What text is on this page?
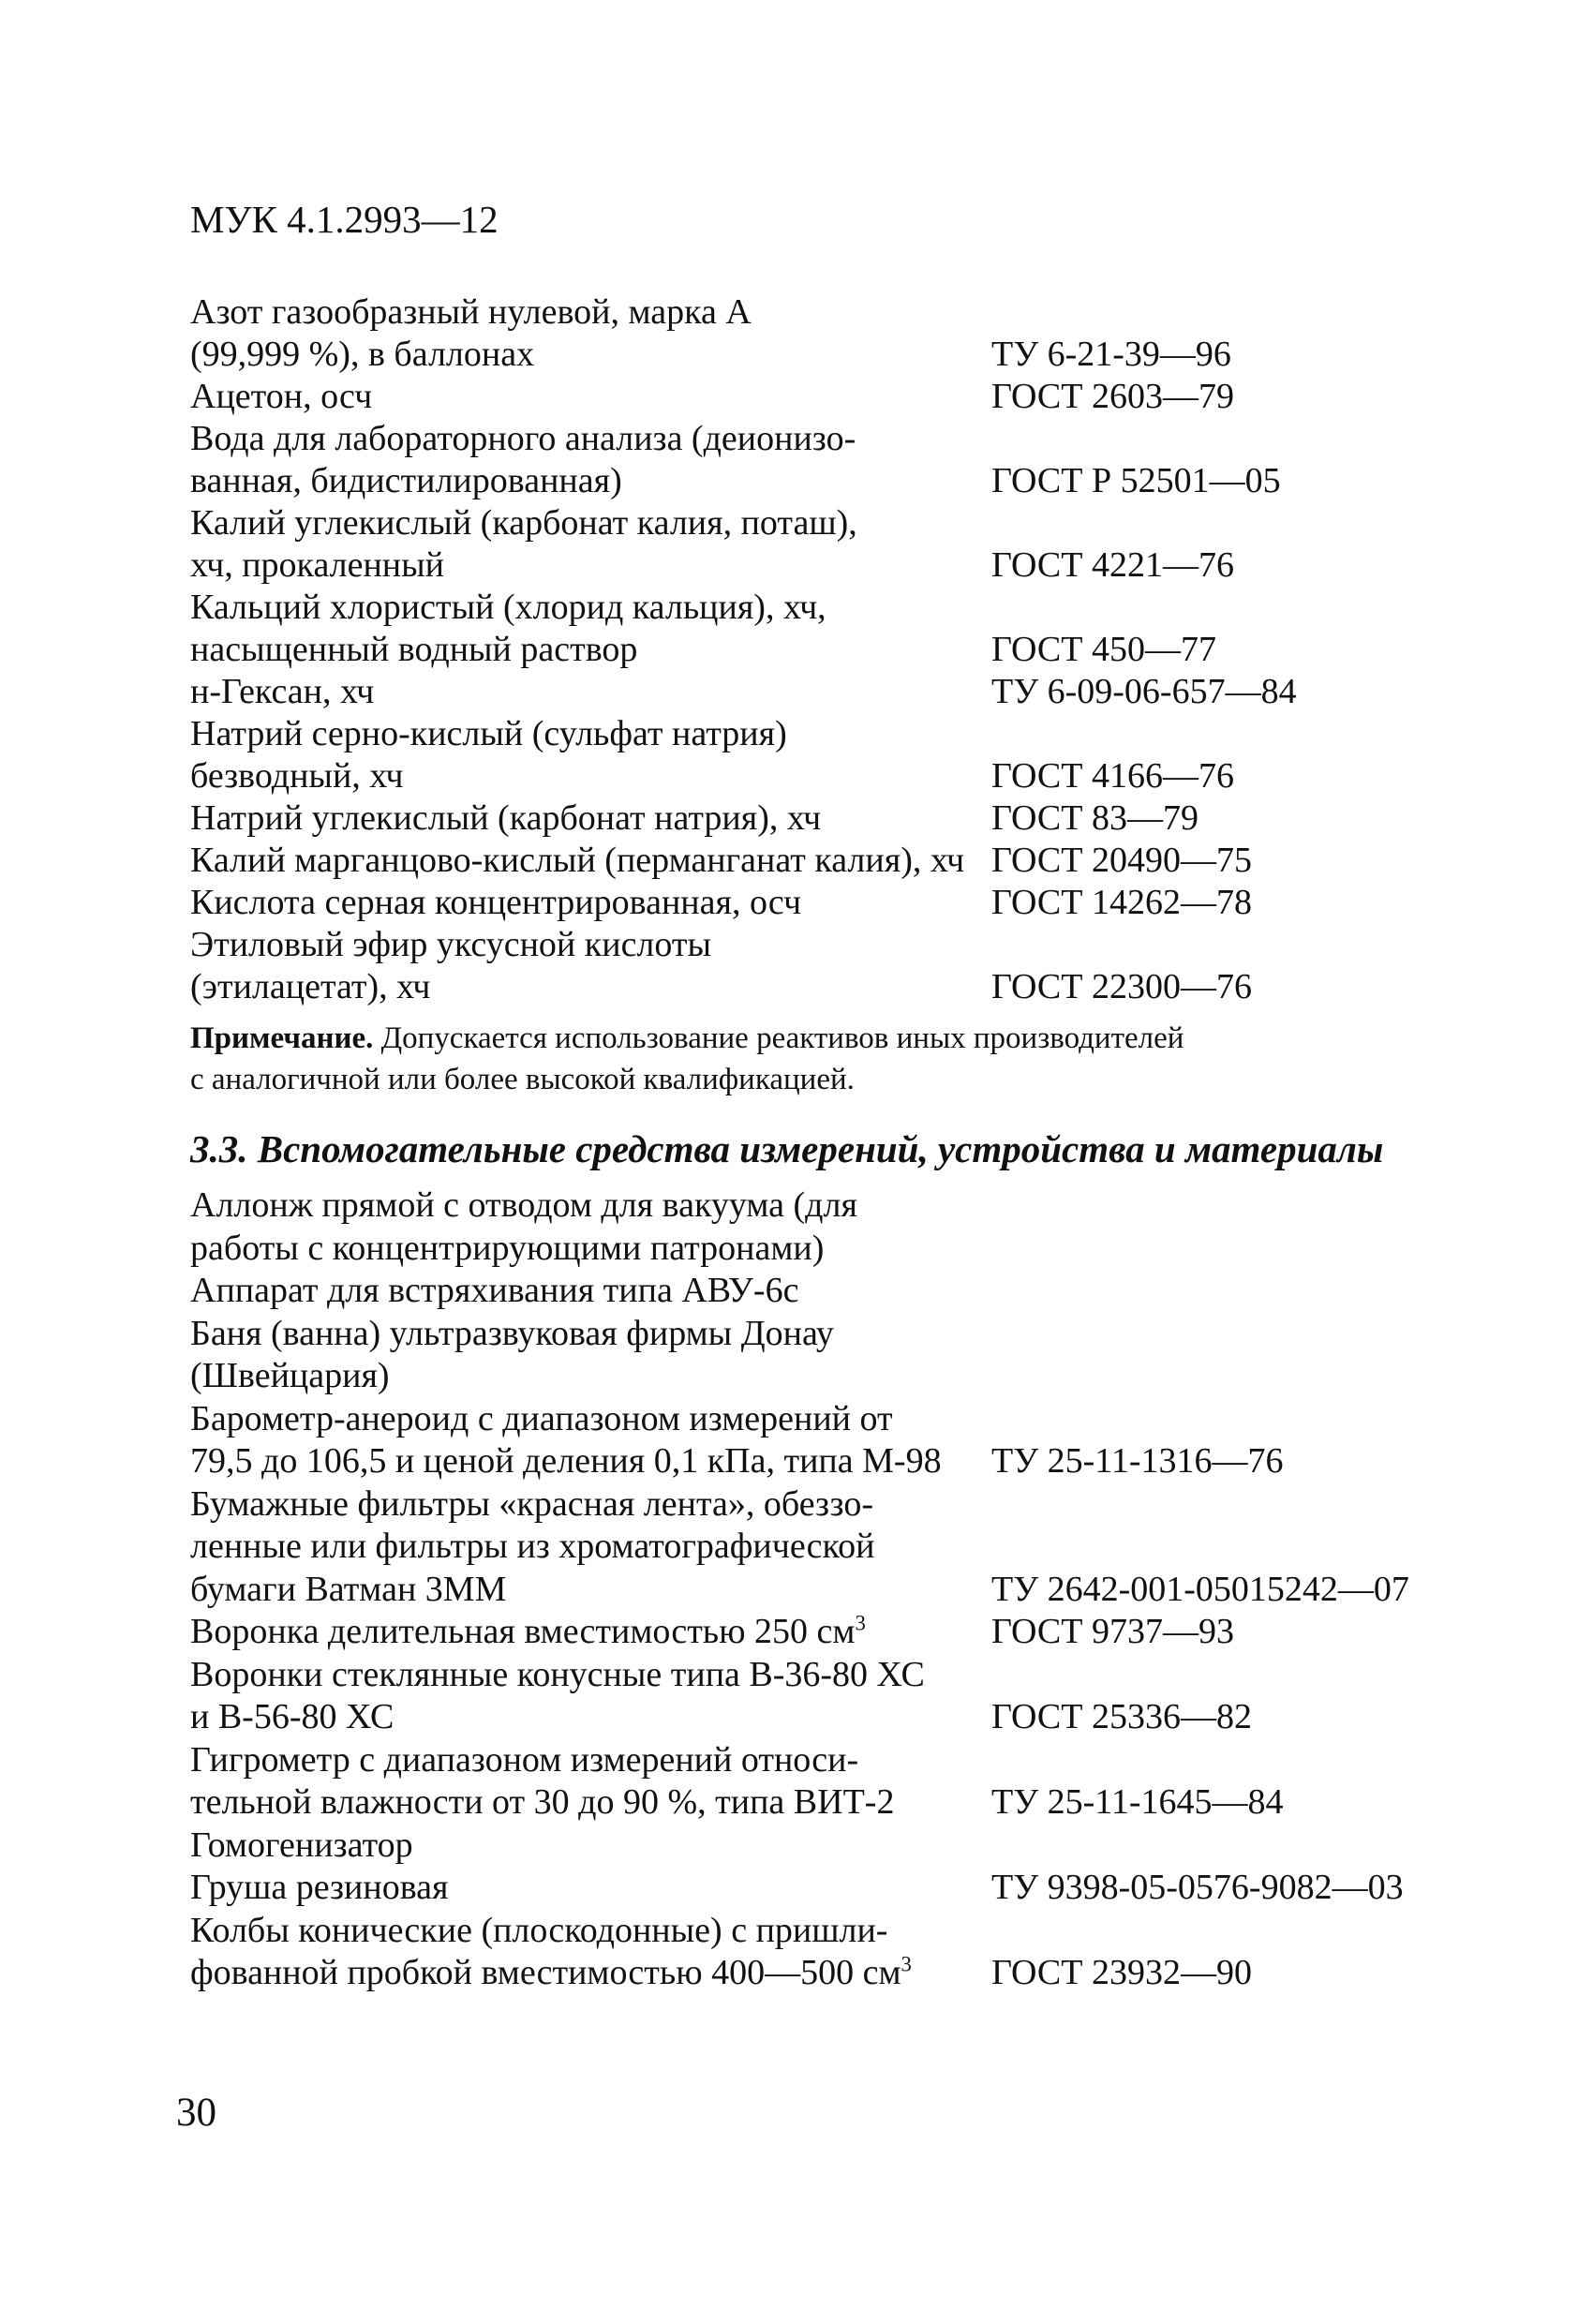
МУК 4.1.2993—12
Азот газообразный нулевой, марка А
(99,999 %), в баллонах	ТУ 6-21-39—96
Ацетон, осч	ГОСТ 2603—79
Вода для лабораторного анализа (деионизо-
ванная, бидистилированная)	ГОСТ Р 52501—05
Калий углекислый (карбонат калия, поташ),
хч, прокаленный	ГОСТ 4221—76
Кальций хлористый (хлорид кальция), хч,
насыщенный водный раствор	ГОСТ 450—77
н-Гексан, хч	ТУ 6-09-06-657—84
Натрий серно-кислый (сульфат натрия)
безводный, хч	ГОСТ 4166—76
Натрий углекислый (карбонат натрия), хч	ГОСТ 83—79
Калий марганцово-кислый (перманганат калия), хч ГОСТ 20490—75
Кислота серная концентрированная, осч	ГОСТ 14262—78
Этиловый эфир уксусной кислоты
(этилацетат), хч	ГОСТ 22300—76
Примечание. Допускается использование реактивов иных производителей
с аналогичной или более высокой квалификацией.
3.3. Вспомогательные средства измерений, устройства и материалы
Аллонж прямой с отводом для вакуума (для
работы с концентрирующими патронами)
Аппарат для встряхивания типа АВУ-6с
Баня (ванна) ультразвуковая фирмы Донау
(Швейцария)
Барометр-анероид с диапазоном измерений от
79,5 до 106,5 и ценой деления 0,1 кПа, типа М-98 ТУ 25-11-1316—76
Бумажные фильтры «красная лента», обеззо-
ленные или фильтры из хроматографической
бумаги Ватман 3ММ	ТУ 2642-001-05015242—07
Воронка делительная вместимостью 250 $см^3$	ГОСТ 9737—93
Воронки стеклянные конусные типа В-36-80 ХС
и В-56-80 ХС	ГОСТ 25336—82
Гигрометр с диапазоном измерений относи-
тельной влажности от 30 до 90 %, типа ВИТ-2	ТУ 25-11-1645—84
Гомогенизатор
Груша резиновая	ТУ 9398-05-0576-9082—03
Колбы конические (плоскодонные) с пришли-
фованной пробкой вместимостью 400—500 $см^3$ ГОСТ 23932—90
30
